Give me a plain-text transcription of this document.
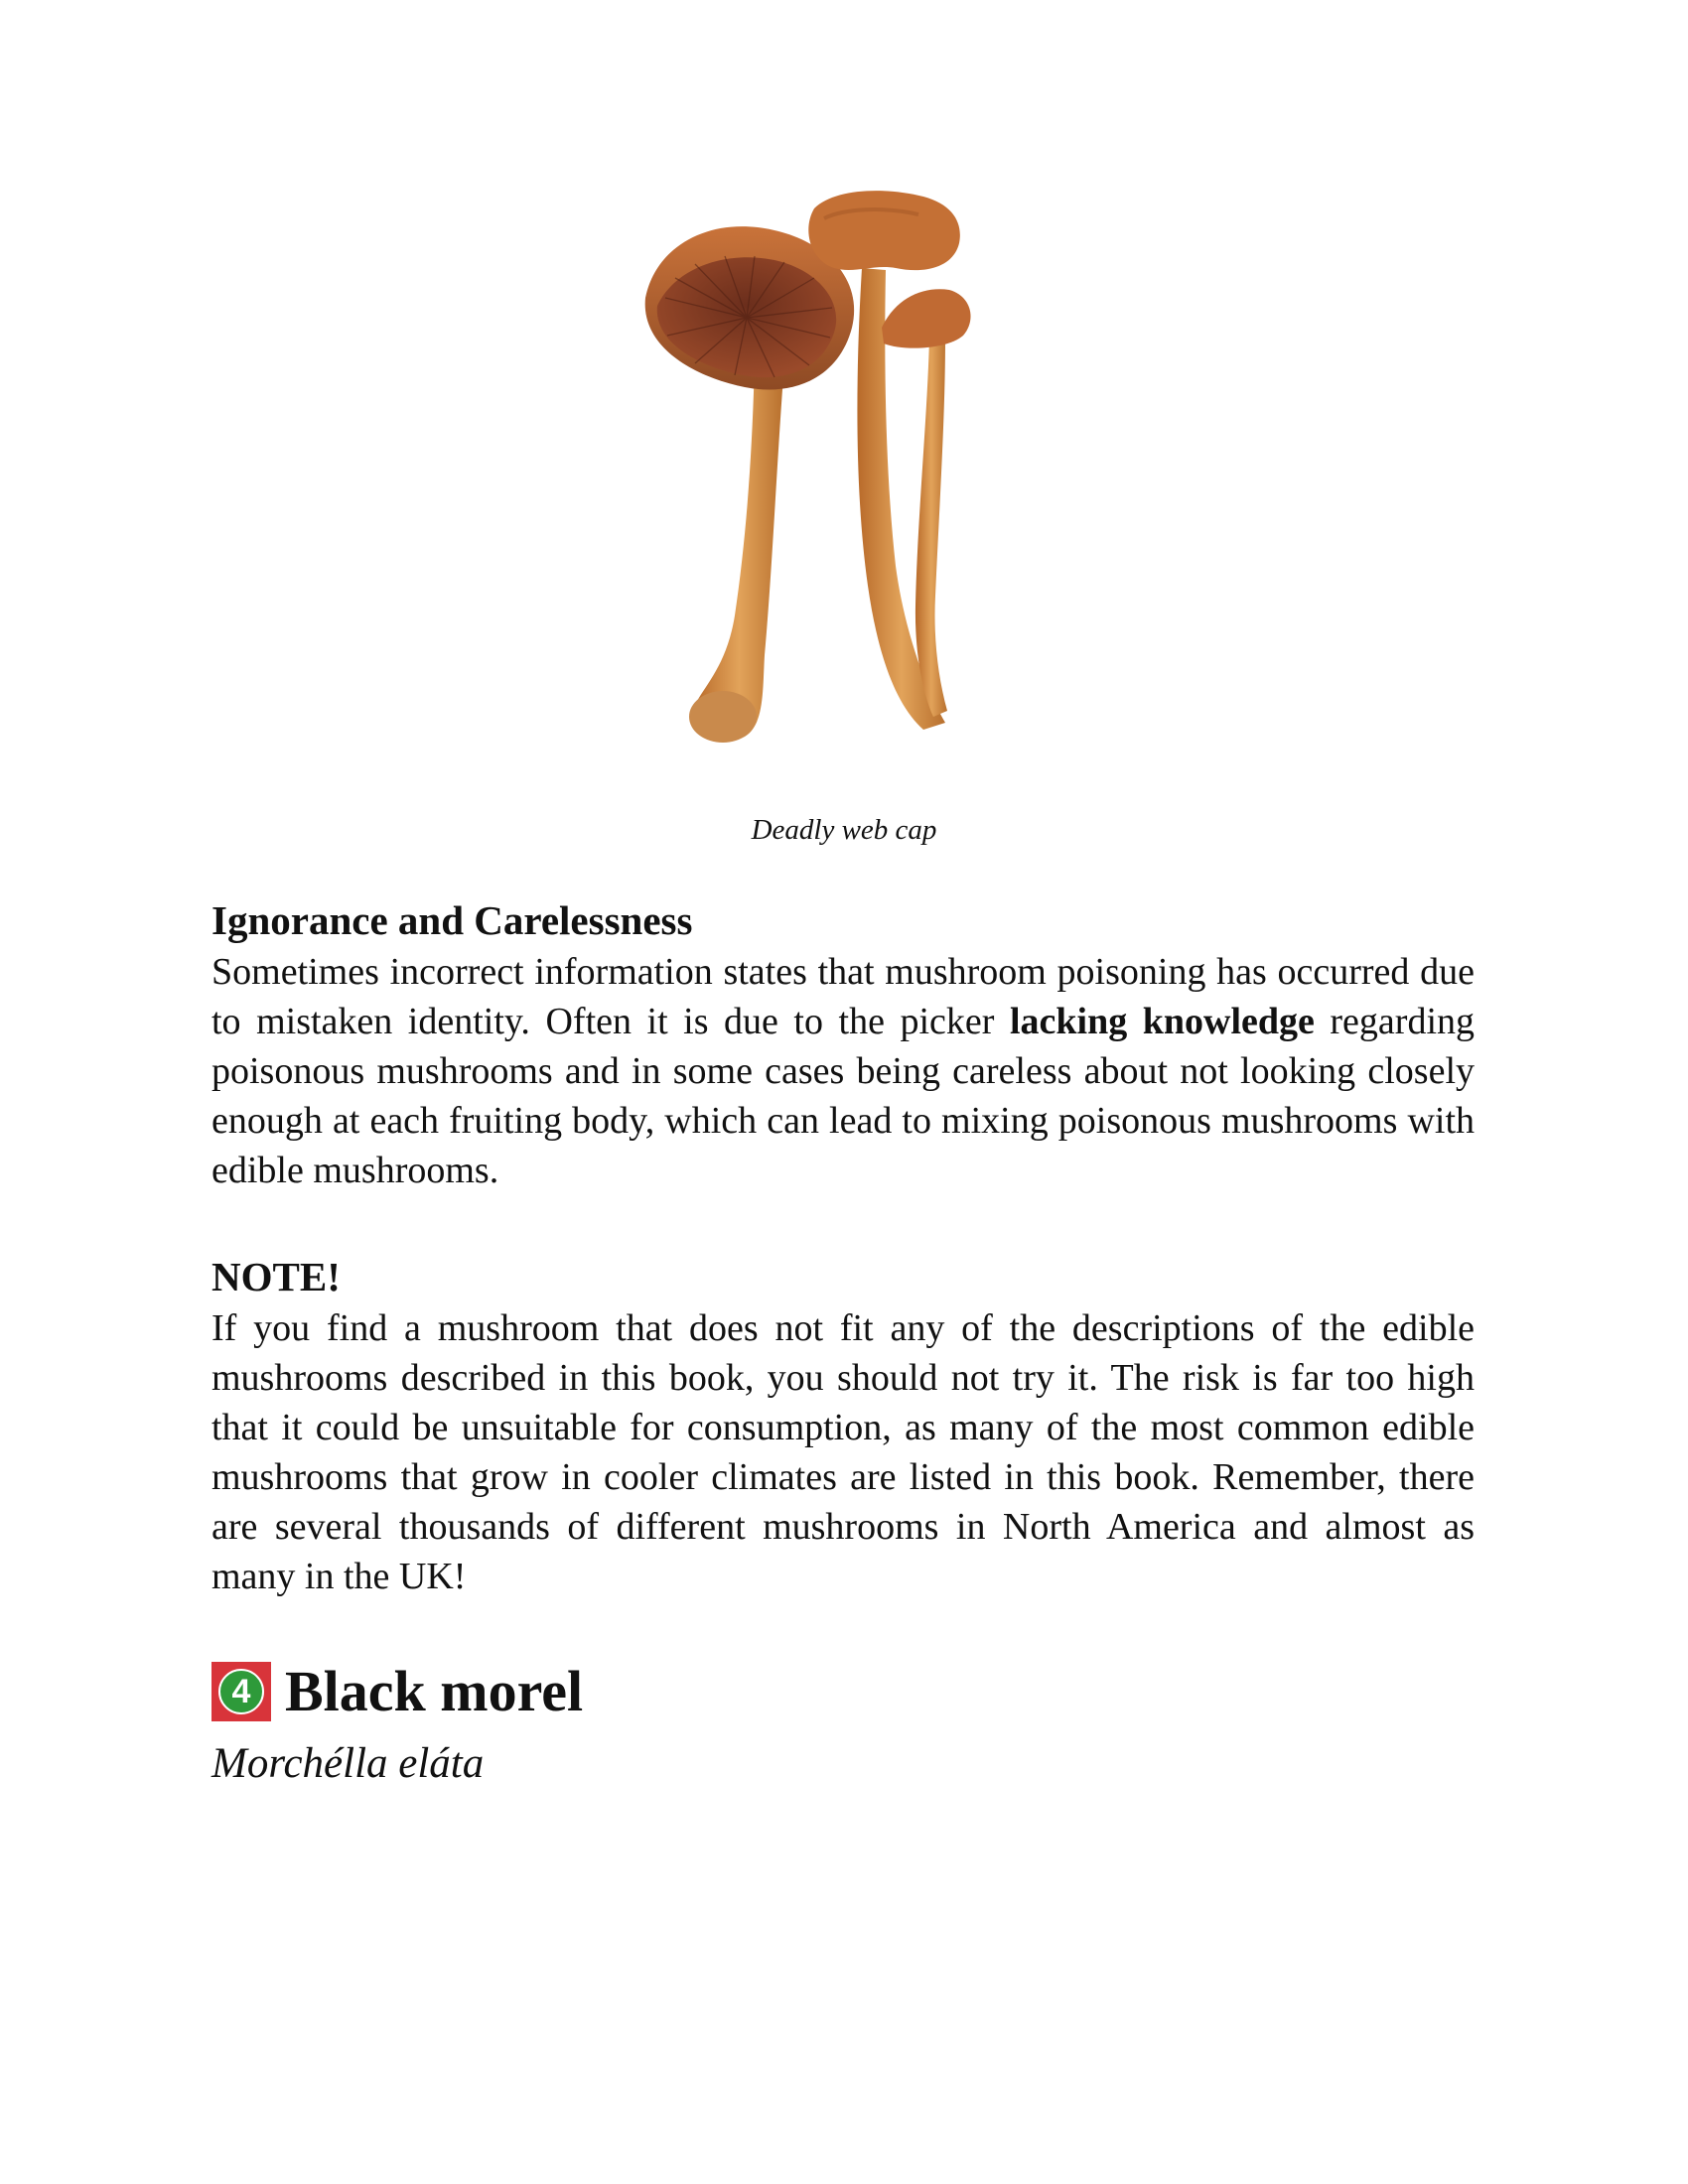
Deadly web cap
Ignorance and Carelessness

Sometimes incorrect information states that mushroom poisoning has occurred due to mistaken identity. Often it is due to the picker lacking knowledge regarding poisonous mushrooms and in some cases being careless about not looking closely enough at each fruiting body, which can lead to mixing poisonous mushrooms with edible mushrooms.

NOTE!

If you find a mushroom that does not fit any of the descriptions of the edible mushrooms described in this book, you should not try it. The risk is far too high that it could be unsuitable for consumption, as many of the most common edible mushrooms that grow in cooler climates are listed in this book. Remember, there are several thousands of different mushrooms in North America and almost as many in the UK!

4 Black morel
Morchélla eláta
